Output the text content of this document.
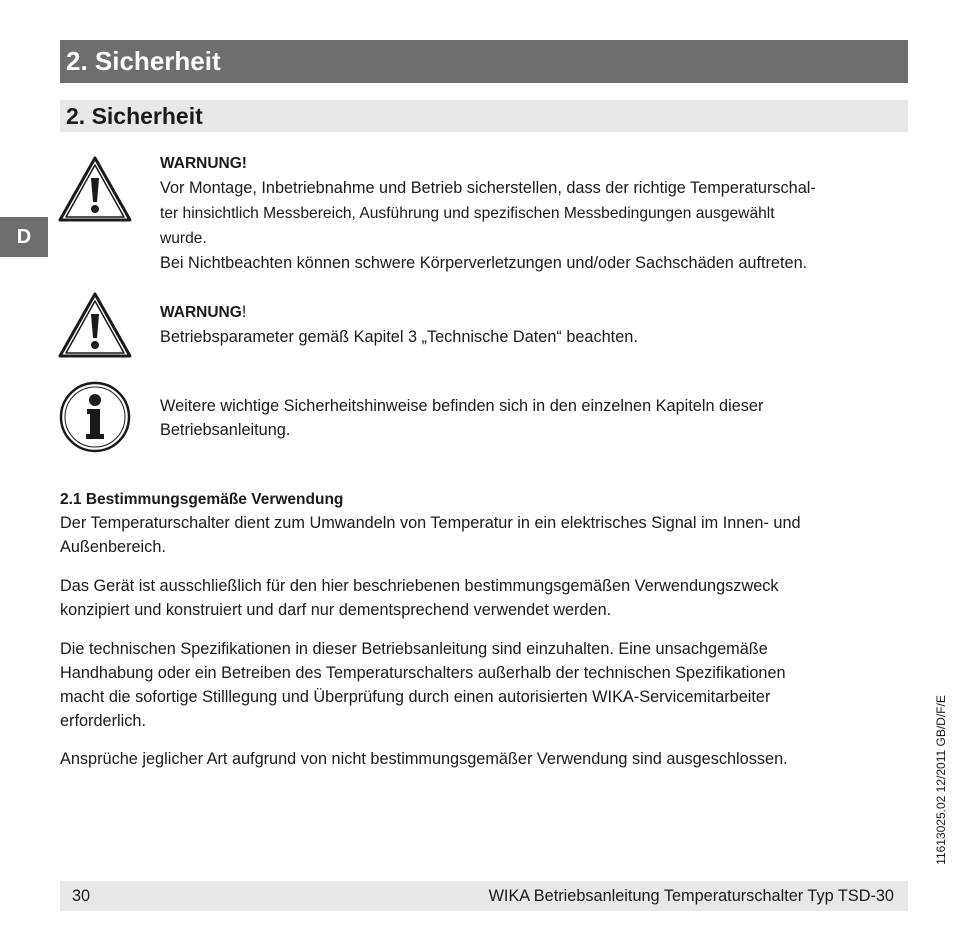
2. Sicherheit
2. Sicherheit
D
WARNUNG!
Vor Montage, Inbetriebnahme und Betrieb sicherstellen, dass der richtige Temperaturschal-
ter hinsichtlich Messbereich, Ausführung und spezifischen Messbedingungen ausgewählt
wurde.
Bei Nichtbeachten können schwere Körperverletzungen und/oder Sachschäden auftreten.
WARNUNG!
Betriebsparameter gemäß Kapitel 3 „Technische Daten“ beachten.
Weitere wichtige Sicherheitshinweise befinden sich in den einzelnen Kapiteln dieser
Betriebsanleitung.
2.1 Bestimmungsgemäße Verwendung
Der Temperaturschalter dient zum Umwandeln von Temperatur in ein elektrisches Signal im Innen- und
Außenbereich.
Das Gerät ist ausschließlich für den hier beschriebenen bestimmungsgemäßen Verwendungszweck
konzipiert und konstruiert und darf nur dementsprechend verwendet werden.
Die technischen Spezifikationen in dieser Betriebsanleitung sind einzuhalten. Eine unsachgemäße
Handhabung oder ein Betreiben des Temperaturschalters außerhalb der technischen Spezifikationen
macht die sofortige Stilllegung und Überprüfung durch einen autorisierten WIKA-Servicemitarbeiter
erforderlich.
Ansprüche jeglicher Art aufgrund von nicht bestimmungsgemäßer Verwendung sind ausgeschlossen.	11613025.02 12/2011 GB/D/F/E
30	WIKA Betriebsanleitung Temperaturschalter Typ TSD-30
